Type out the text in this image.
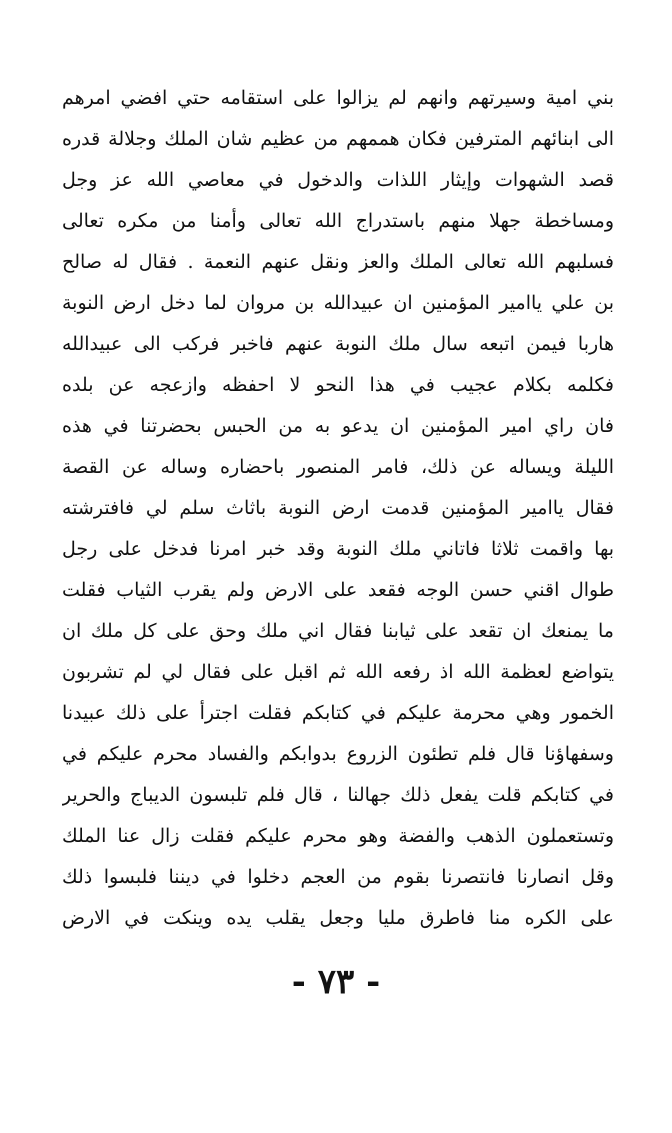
بني امية وسيرتهم وانهم لم يزالوا على استقامه حتي افضي امرهم
الى ابنائهم المترفين فكان هممهم من عظيم شان الملك وجلالة قدره
قصد الشهوات وإيثار اللذات والدخول في معاصي الله عز وجل
ومساخطة جهلا منهم باستدراج الله تعالى وأمنا من مكره تعالى
فسلبهم الله تعالى الملك والعز ونقل عنهم النعمة . فقال له صالح
بن علي ياامير المؤمنين ان عبيدالله بن مروان لما دخل ارض النوبة
هاربا فيمن اتبعه سال ملك النوبة عنهم فاخبر فركب الى عبيدالله
فكلمه بكلام عجيب في هذا النحو لا احفظه وازعجه عن بلده
فان راي امير المؤمنين ان يدعو به من الحبس بحضرتنا في هذه
الليلة ويساله عن ذلك، فامر المنصور باحضاره وساله عن القصة
فقال ياامير المؤمنين قدمت ارض النوبة باثاث سلم لي فافترشته
بها واقمت ثلاثا فاتاني ملك النوبة وقد خبر امرنا فدخل على رجل
طوال اقني حسن الوجه فقعد على الارض ولم يقرب الثياب فقلت
ما يمنعك ان تقعد على ثيابنا فقال اني ملك وحق على كل ملك ان
يتواضع لعظمة الله اذ رفعه الله ثم اقبل على فقال لي لم تشربون
الخمور وهي محرمة عليكم في كتابكم فقلت اجترأ على ذلك عبيدنا
وسفهاؤنا قال فلم تطئون الزروع بدوابكم والفساد محرم عليكم في
في كتابكم قلت يفعل ذلك جهالنا ، قال فلم تلبسون الديباج والحرير
وتستعملون الذهب والفضة وهو محرم عليكم فقلت زال عنا الملك
وقل انصارنا فانتصرنا بقوم من العجم دخلوا في ديننا فلبسوا ذلك
على الكره منا فاطرق مليا وجعل يقلب يده وينكت في الارض
- ٧٣ -
